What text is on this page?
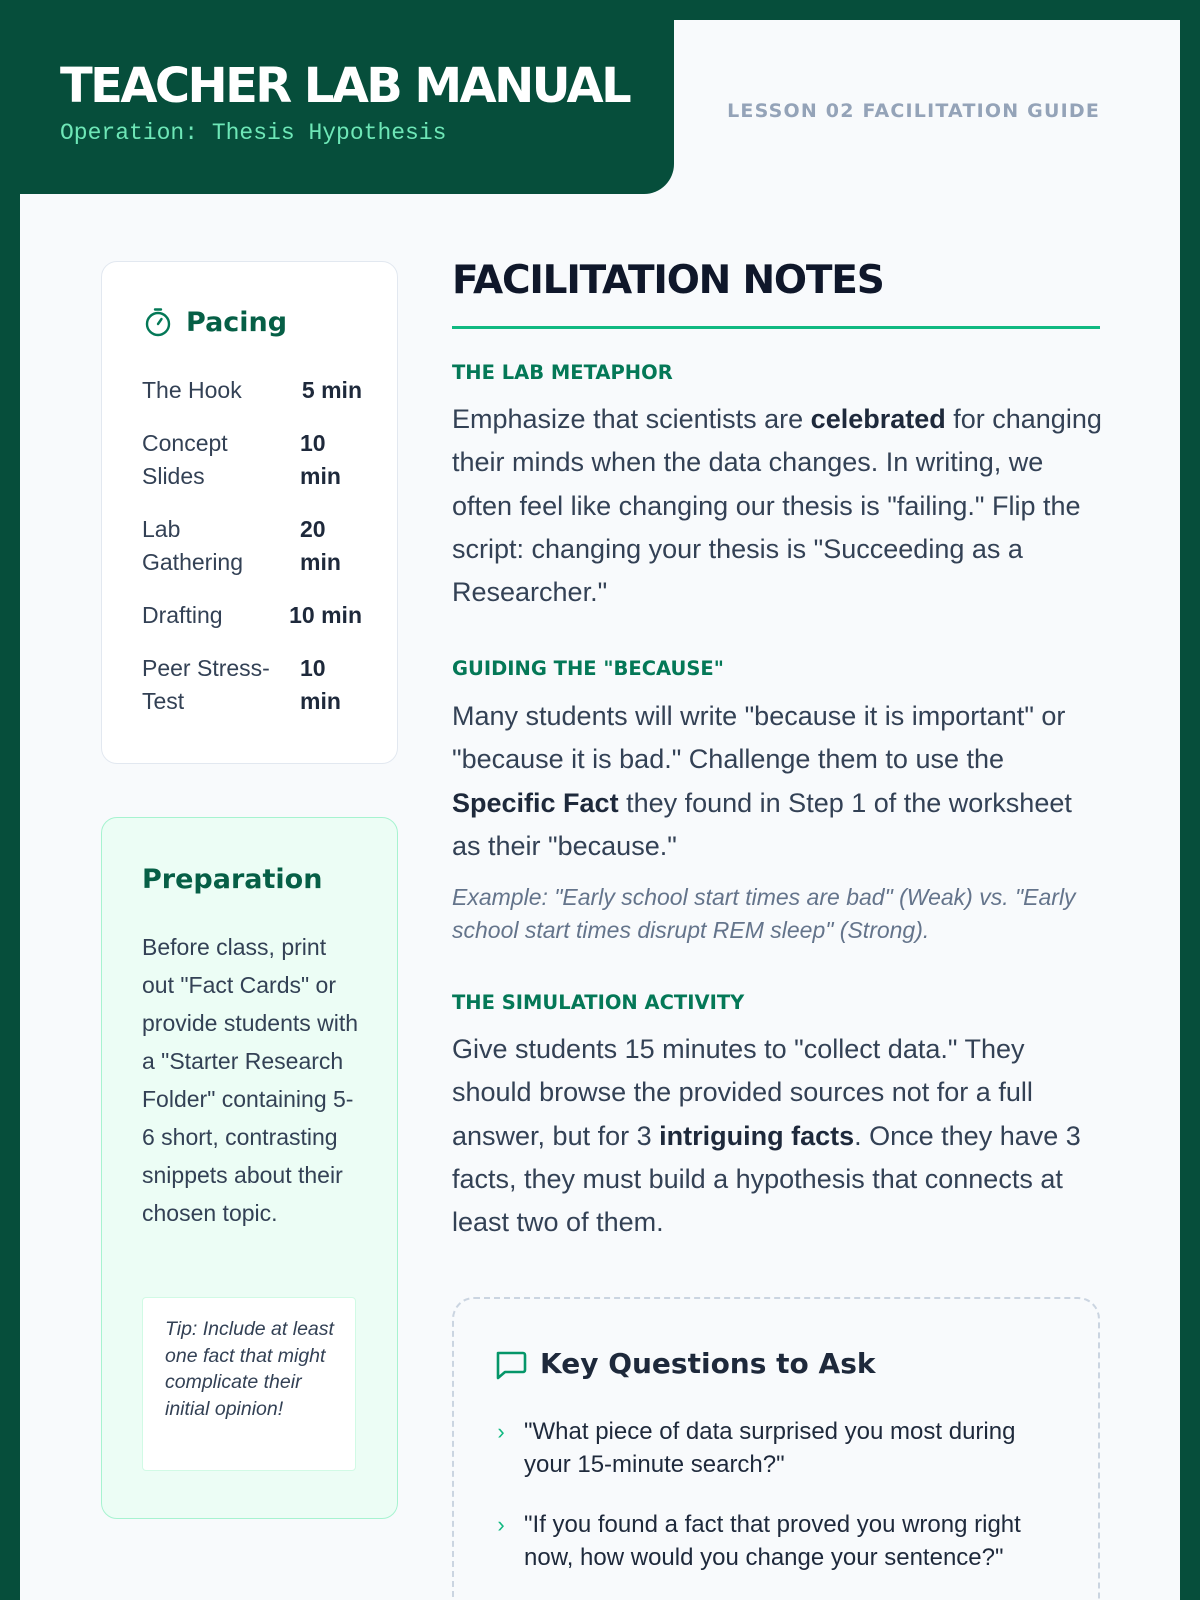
TEACHER LAB MANUAL
Operation: Thesis Hypothesis
LESSON 02 FACILITATION GUIDE
Pacing
The Hook	5 min
Concept Slides
10 min
Lab Gathering
20 min
Drafting	10 min
Peer Stress-Test
10 min
Preparation
Before class, print out "Fact Cards" or provide students with a "Starter Research Folder" containing 5-6 short, contrasting snippets about their chosen topic.
Tip: Include at least one fact that might complicate their initial opinion!
FACILITATION NOTES
THE LAB METAPHOR

Emphasize that scientists are celebrated for changing their minds when the data changes. In writing, we often feel like changing our thesis is "failing." Flip the script: changing your thesis is "Succeeding as a Researcher."

GUIDING THE "BECAUSE"

Many students will write "because it is important" or "because it is bad." Challenge them to use the Specific Fact they found in Step 1 of the worksheet as their "because."

Example: "Early school start times are bad" (Weak) vs. "Early school start times disrupt REM sleep" (Strong).

THE SIMULATION ACTIVITY

Give students 15 minutes to "collect data." They should browse the provided sources not for a full answer, but for 3 intriguing facts. Once they have 3 facts, they must build a hypothesis that connects at least two of them.

Key Questions to Ask
› "What piece of data surprised you most during your 15-minute search?"
› "If you found a fact that proved you wrong right now, how would you change your sentence?"
